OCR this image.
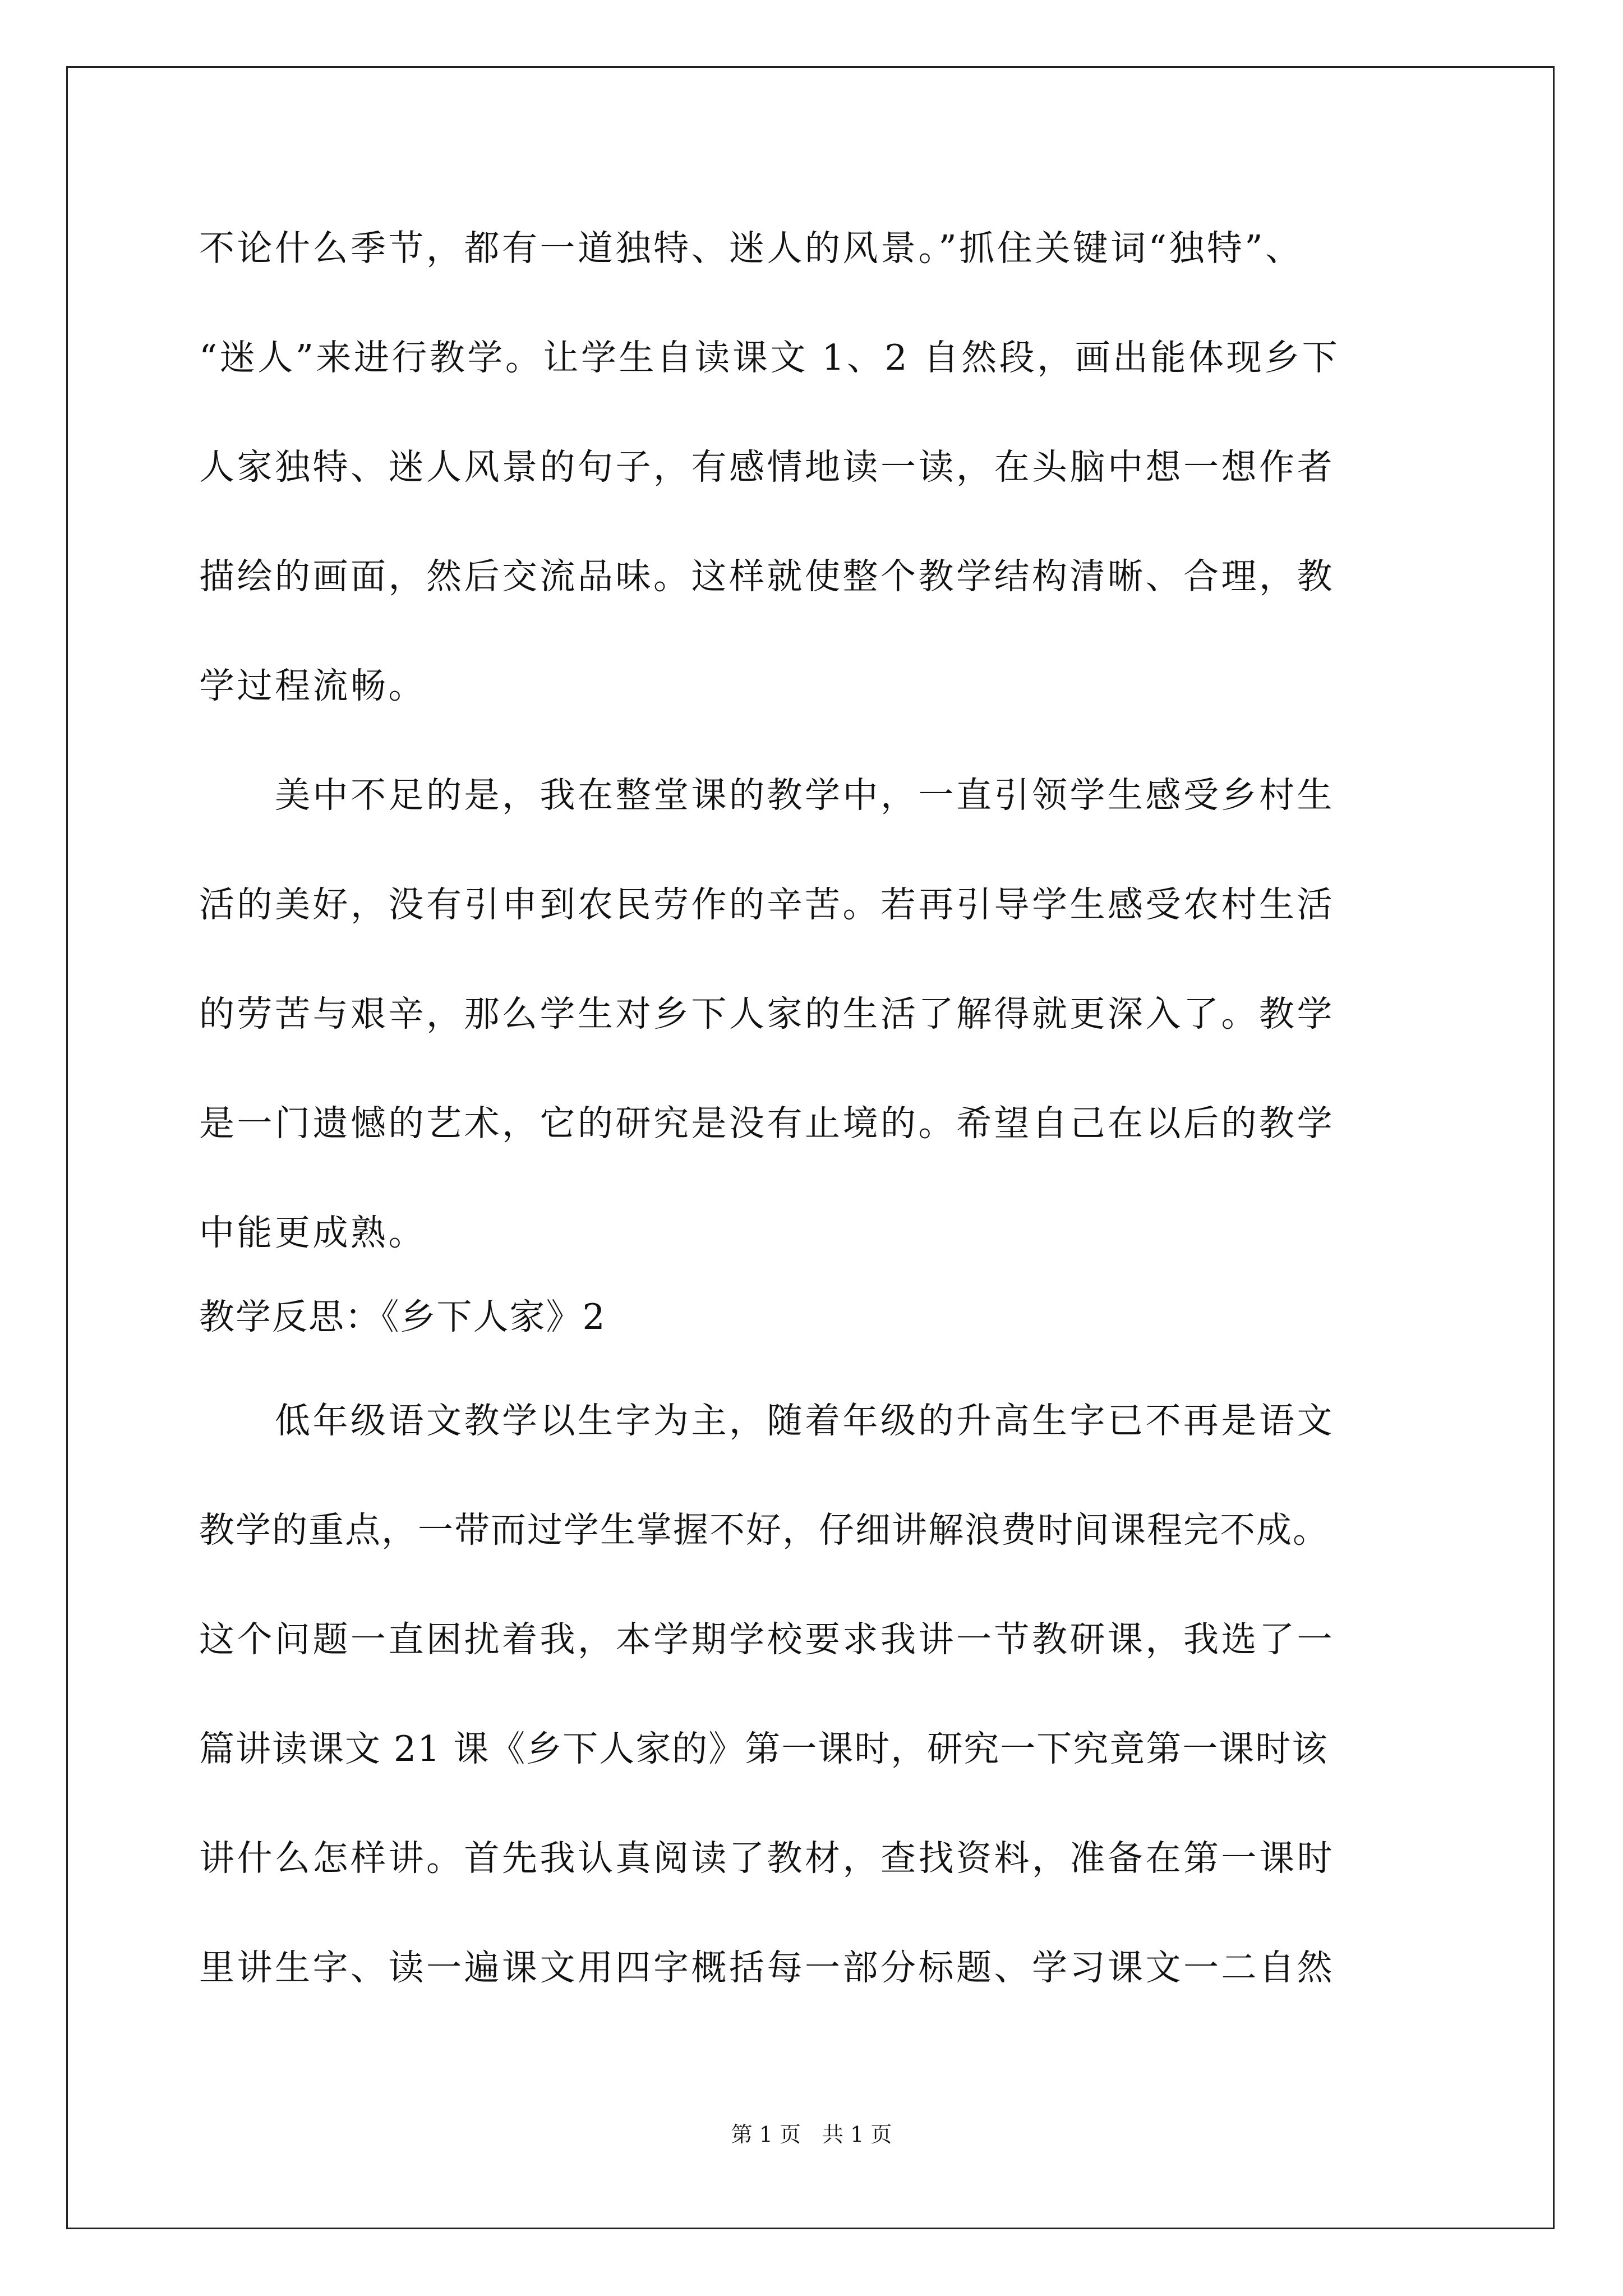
不论什么季节，都有一道独特、迷人的风景。”抓住关键词“独特”、
“迷人”来进行教学。让学生自读课文 1、2 自然段，画出能体现乡下
人家独特、迷人风景的句子，有感情地读一读，在头脑中想一想作者
描绘的画面，然后交流品味。这样就使整个教学结构清晰、合理，教
学过程流畅。
　　美中不足的是，我在整堂课的教学中，一直引领学生感受乡村生
活的美好，没有引申到农民劳作的辛苦。若再引导学生感受农村生活
的劳苦与艰辛，那么学生对乡下人家的生活了解得就更深入了。教学
是一门遗憾的艺术，它的研究是没有止境的。希望自己在以后的教学
中能更成熟。
教学反思：《乡下人家》2
　　低年级语文教学以生字为主，随着年级的升高生字已不再是语文
教学的重点，一带而过学生掌握不好，仔细讲解浪费时间课程完不成。
这个问题一直困扰着我，本学期学校要求我讲一节教研课，我选了一
篇讲读课文 21 课《乡下人家的》第一课时，研究一下究竟第一课时该
讲什么怎样讲。首先我认真阅读了教材，查找资料，准备在第一课时
里讲生字、读一遍课文用四字概括每一部分标题、学习课文一二自然
第 1 页　共 1 页
